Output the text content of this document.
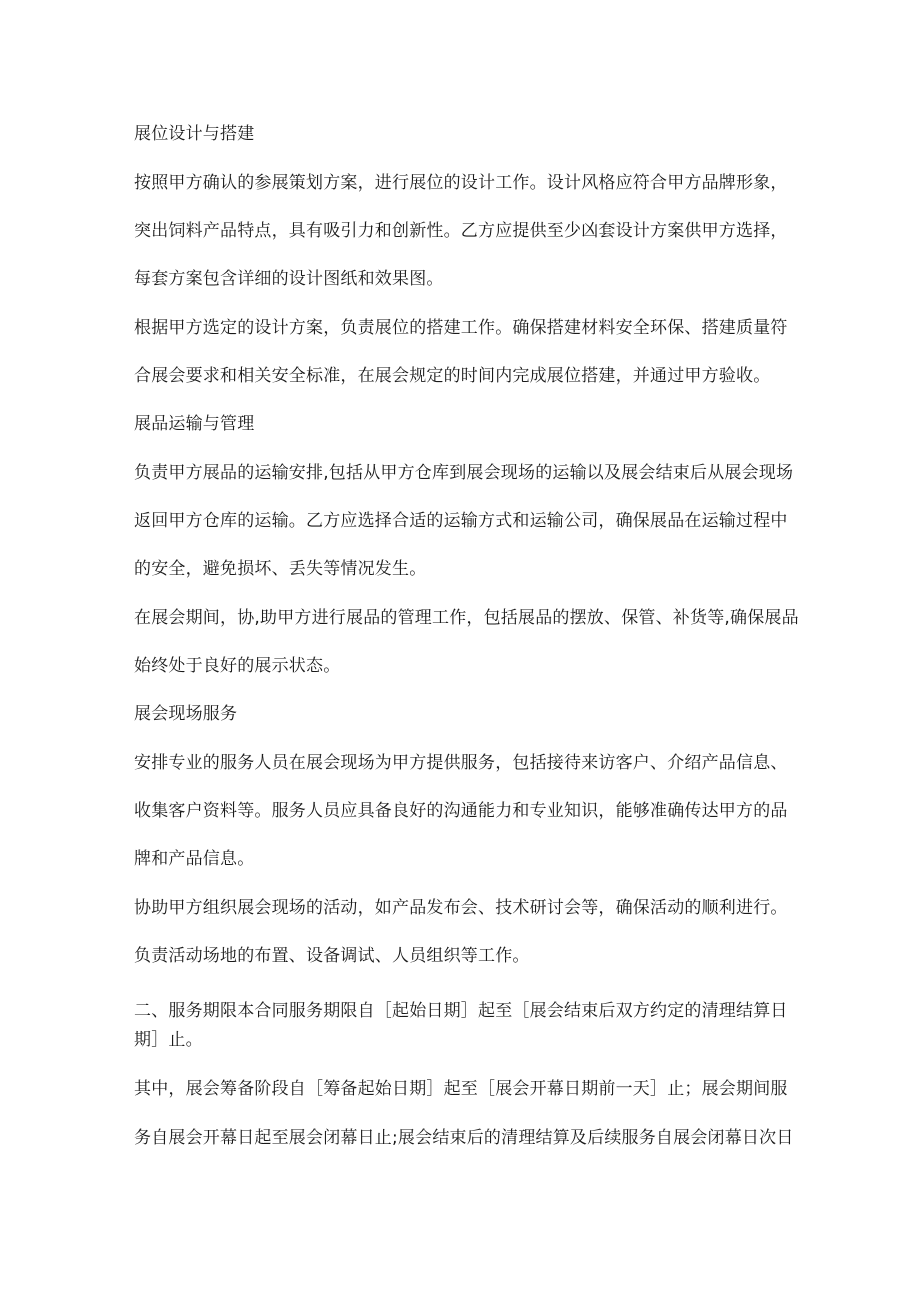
展位设计与搭建
按照甲方确认的参展策划方案，进行展位的设计工作。设计风格应符合甲方品牌形象，
突出饲料产品特点，具有吸引力和创新性。乙方应提供至少凶套设计方案供甲方选择，
每套方案包含详细的设计图纸和效果图。
根据甲方选定的设计方案，负责展位的搭建工作。确保搭建材料安全环保、搭建质量符
合展会要求和相关安全标准，在展会规定的时间内完成展位搭建，并通过甲方验收。
展品运输与管理
负责甲方展品的运输安排,包括从甲方仓库到展会现场的运输以及展会结束后从展会现场
返回甲方仓库的运输。乙方应选择合适的运输方式和运输公司，确保展品在运输过程中
的安全，避免损坏、丢失等情况发生。
在展会期间，协,助甲方进行展品的管理工作，包括展品的摆放、保管、补货等,确保展品
始终处于良好的展示状态。
展会现场服务
安排专业的服务人员在展会现场为甲方提供服务，包括接待来访客户、介绍产品信息、
收集客户资料等。服务人员应具备良好的沟通能力和专业知识，能够准确传达甲方的品
牌和产品信息。
协助甲方组织展会现场的活动，如产品发布会、技术研讨会等，确保活动的顺利进行。
负责活动场地的布置、设备调试、人员组织等工作。
二、服务期限本合同服务期限自［起始日期］起至［展会结束后双方约定的清理结算日
期］止。
其中，展会筹备阶段自［筹备起始日期］起至［展会开幕日期前一天］止；展会期间服
务自展会开幕日起至展会闭幕日止;展会结束后的清理结算及后续服务自展会闭幕日次日
